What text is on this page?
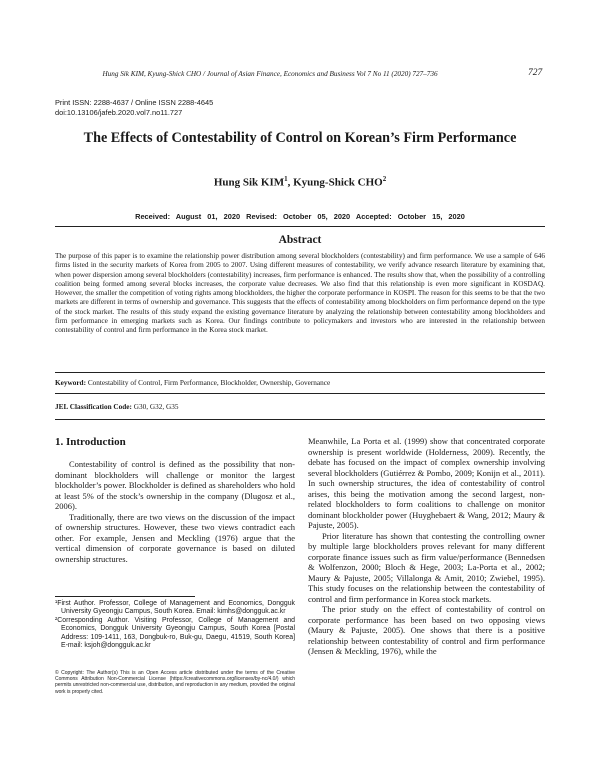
Hung Sik KIM, Kyung-Shick CHO / Journal of Asian Finance, Economics and Business Vol 7 No 11 (2020) 727–736	727
Print ISSN: 2288-4637 / Online ISSN 2288-4645
doi:10.13106/jafeb.2020.vol7.no11.727
The Effects of Contestability of Control on Korean’s Firm Performance
Hung Sik KIM$^1$, Kyung-Shick CHO$^2$
Received: August 01, 2020 Revised: October 05, 2020 Accepted: October 15, 2020
Abstract
The purpose of this paper is to examine the relationship power distribution among several blockholders (contestability) and firm performance. We use a sample of 646 firms listed in the security markets of Korea from 2005 to 2007. Using different measures of contestability, we verify advance research literature by examining that, when power dispersion among several blockholders (contestability) increases, firm performance is enhanced. The results show that, when the possibility of a controlling coalition being formed among several blocks increases, the corporate value decreases. We also find that this relationship is even more significant in KOSDAQ. However, the smaller the competition of voting rights among blockholders, the higher the corporate performance in KOSPI. The reason for this seems to be that the two markets are different in terms of ownership and governance. This suggests that the effects of contestability among blockholders on firm performance depend on the type of the stock market. The results of this study expand the existing governance literature by analyzing the relationship between contestability among blockholders and firm performance in emerging markets such as Korea. Our findings contribute to policymakers and investors who are interested in the relationship between contestability of control and firm performance in the Korea stock market.
Keyword: Contestability of Control, Firm Performance, Blockholder, Ownership, Governance
JEL Classification Code: G30, G32, G35
1. Introduction

Contestability of control is defined as the possibility that non-dominant blockholders will challenge or monitor the largest blockholder’s power. Blockholder is defined as shareholders who hold at least 5% of the stock’s ownership in the company (Dlugosz et al., 2006).

Traditionally, there are two views on the discussion of the impact of ownership structures. However, these two views contradict each other. For example, Jensen and Meckling (1976) argue that the vertical dimension of corporate governance is based on diluted ownership structures.

Meanwhile, La Porta et al. (1999) show that concentrated corporate ownership is present worldwide (Holderness, 2009). Recently, the debate has focused on the impact of complex ownership involving several blockholders (Gutiérrez & Pombo, 2009; Konijn et al., 2011). In such ownership structures, the idea of contestability of control arises, this being the motivation among the second largest, non-related blockholders to form coalitions to challenge on monitor dominant blockholder power (Huyghebaert & Wang, 2012; Maury & Pajuste, 2005).

Prior literature has shown that contesting the controlling owner by multiple large blockholders proves relevant for many different corporate finance issues such as firm value/performance (Bennedsen & Wolfenzon, 2000; Bloch & Hege, 2003; La-Porta et al., 2002; Maury & Pajuste, 2005; Villalonga & Amit, 2010; Zwiebel, 1995). This study focuses on the relationship between the contestability of control and firm performance in Korea stock markets.

The prior study on the effect of contestability of control on corporate performance has been based on two opposing views (Maury & Pajuste, 2005). One shows that there is a positive relationship between contestability of control and firm performance (Jensen & Meckling, 1976), while the

¹First Author. Professor, College of Management and Economics, Dongguk University Gyeongju Campus, South Korea. Email: kimhs@dongguk.ac.kr

²Corresponding Author. Visiting Professor, College of Management and Economics, Dongguk University Gyeongju Campus, South Korea [Postal Address: 109-1411, 163, Dongbuk-ro, Buk-gu, Daegu, 41519, South Korea] E-mail: ksjoh@dongguk.ac.kr

© Copyright: The Author(s) This is an Open Access article distributed under the terms of the Creative Commons Attribution Non-Commercial License (https://creativecommons.org/licenses/by-nc/4.0/) which permits unrestricted non-commercial use, distribution, and reproduction in any medium, provided the original work is properly cited.
